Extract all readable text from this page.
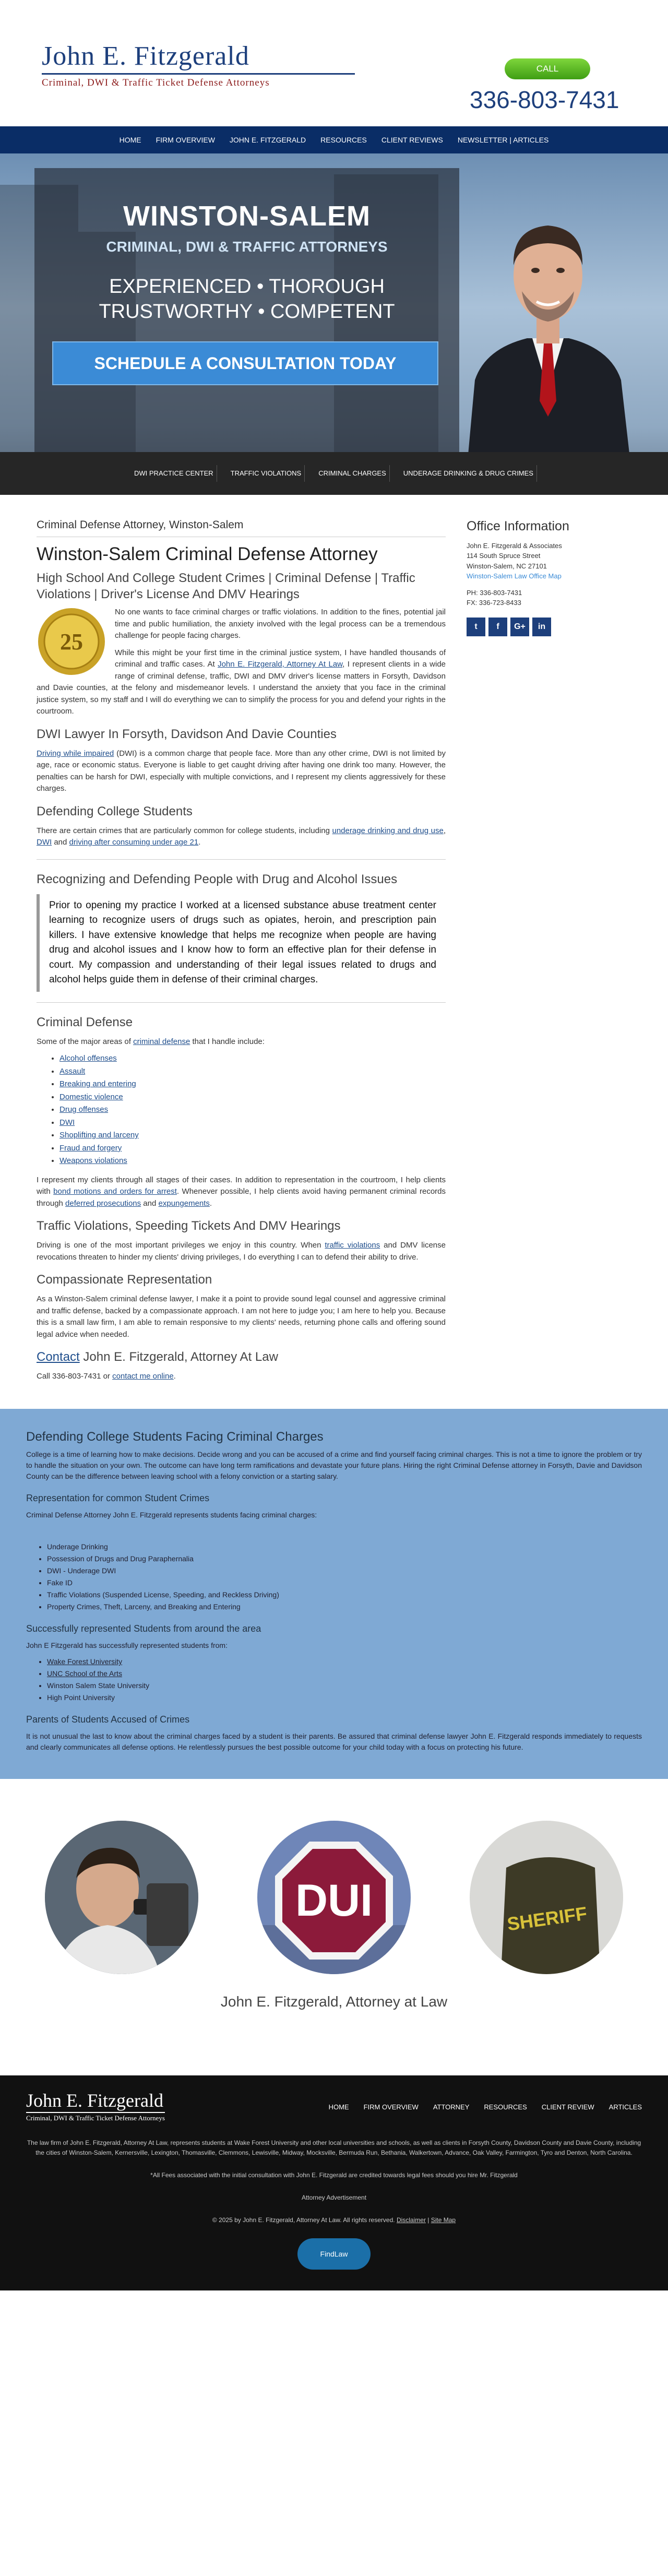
John E. Fitzgerald
Criminal, DWI & Traffic Ticket Defense Attorneys
CALL
336-803-7431
HOME FIRM OVERVIEW JOHN E. FITZGERALD RESOURCES CLIENT REVIEWS NEWSLETTER | ARTICLES
WINSTON-SALEM
CRIMINAL, DWI & TRAFFIC ATTORNEYS
EXPERIENCED • THOROUGH
TRUSTWORTHY • COMPETENT
SCHEDULE A CONSULTATION TODAY
DWI PRACTICE CENTER	TRAFFIC VIOLATIONS	CRIMINAL CHARGES	UNDERAGE DRINKING & DRUG CRIMES
Criminal Defense Attorney, Winston-Salem
Winston-Salem Criminal Defense Attorney
High School And College Student Crimes | Criminal Defense | Traffic Violations | Driver's License And DMV Hearings
25

No one wants to face criminal charges or traffic violations. In addition to the fines, potential jail time and public humiliation, the anxiety involved with the legal process can be a tremendous challenge for people facing charges.

While this might be your first time in the criminal justice system, I have handled thousands of criminal and traffic cases. At John E. Fitzgerald, Attorney At Law, I represent clients in a wide range of criminal defense, traffic, DWI and DMV driver's license matters in Forsyth, Davidson and Davie counties, at the felony and misdemeanor levels. I understand the anxiety that you face in the criminal justice system, so my staff and I will do everything we can to simplify the process for you and defend your rights in the courtroom.

DWI Lawyer In Forsyth, Davidson And Davie Counties

Driving while impaired (DWI) is a common charge that people face. More than any other crime, DWI is not limited by age, race or economic status. Everyone is liable to get caught driving after having one drink too many. However, the penalties can be harsh for DWI, especially with multiple convictions, and I represent my clients aggressively for these charges.

Defending College Students

There are certain crimes that are particularly common for college students, including underage drinking and drug use, DWI and driving after consuming under age 21.

Recognizing and Defending People with Drug and Alcohol Issues
Prior to opening my practice I worked at a licensed substance abuse treatment center learning to recognize users of drugs such as opiates, heroin, and prescription pain killers. I have extensive knowledge that helps me recognize when people are having drug and alcohol issues and I know how to form an effective plan for their defense in court. My compassion and understanding of their legal issues related to drugs and alcohol helps guide them in defense of their criminal charges.
Criminal Defense

Some of the major areas of criminal defense that I handle include:

• Alcohol offenses
• Assault
• Breaking and entering
• Domestic violence
• Drug offenses
• DWI
• Shoplifting and larceny
• Fraud and forgery
• Weapons violations

I represent my clients through all stages of their cases. In addition to representation in the courtroom, I help clients with bond motions and orders for arrest. Whenever possible, I help clients avoid having permanent criminal records through deferred prosecutions and expungements.

Traffic Violations, Speeding Tickets And DMV Hearings

Driving is one of the most important privileges we enjoy in this country. When traffic violations and DMV license revocations threaten to hinder my clients' driving privileges, I do everything I can to defend their ability to drive.

Compassionate Representation

As a Winston-Salem criminal defense lawyer, I make it a point to provide sound legal counsel and aggressive criminal and traffic defense, backed by a compassionate approach. I am not here to judge you; I am here to help you. Because this is a small law firm, I am able to remain responsive to my clients' needs, returning phone calls and offering sound legal advice when needed.

Contact John E. Fitzgerald, Attorney At Law

Call 336-803-7431 or contact me online.

Office Information

John E. Fitzgerald & Associates

114 South Spruce Street

Winston-Salem, NC 27101

Winston-Salem Law Office Map

PH: 336-803-7431

FX: 336-723-8433

t	f	G+	in
Defending College Students Facing Criminal Charges

College is a time of learning how to make decisions. Decide wrong and you can be accused of a crime and find yourself facing criminal charges. This is not a time to ignore the problem or try to handle the situation on your own. The outcome can have long term ramifications and devastate your future plans. Hiring the right Criminal Defense attorney in Forsyth, Davie and Davidson County can be the difference between leaving school with a felony conviction or a starting salary.

Representation for common Student Crimes

Criminal Defense Attorney John E. Fitzgerald represents students facing criminal charges:

• Underage Drinking
• Possession of Drugs and Drug Paraphernalia
• DWI - Underage DWI
• Fake ID
• Traffic Violations (Suspended License, Speeding, and Reckless Driving)
• Property Crimes, Theft, Larceny, and Breaking and Entering
Successfully represented Students from around the area

John E Fitzgerald has successfully represented students from:

• Wake Forest University
• UNC School of the Arts
• Winston Salem State University
• High Point University
Parents of Students Accused of Crimes

It is not unusual the last to know about the criminal charges faced by a student is their parents. Be assured that criminal defense lawyer John E. Fitzgerald responds immediately to requests and clearly communicates all defense options. He relentlessly pursues the best possible outcome for your child today with a focus on protecting his future.

DUI	SHERIFF
John E. Fitzgerald, Attorney at Law
John E. Fitzgerald
Criminal, DWI & Traffic Ticket Defense Attorneys
HOME FIRM OVERVIEW ATTORNEY RESOURCES CLIENT REVIEW ARTICLES

The law firm of John E. Fitzgerald, Attorney At Law, represents students at Wake Forest University and other local universities and schools, as well as clients in Forsyth County, Davidson County and Davie County, including the cities of Winston-Salem, Kernersville, Lexington, Thomasville, Clemmons, Lewisville, Midway, Mocksville, Bermuda Run, Bethania, Walkertown, Advance, Oak Valley, Farmington, Tyro and Denton, North Carolina.

*All Fees associated with the initial consultation with John E. Fitzgerald are credited towards legal fees should you hire Mr. Fitzgerald

Attorney Advertisement

© 2025 by John E. Fitzgerald, Attorney At Law. All rights reserved. Disclaimer | Site Map

FindLaw
